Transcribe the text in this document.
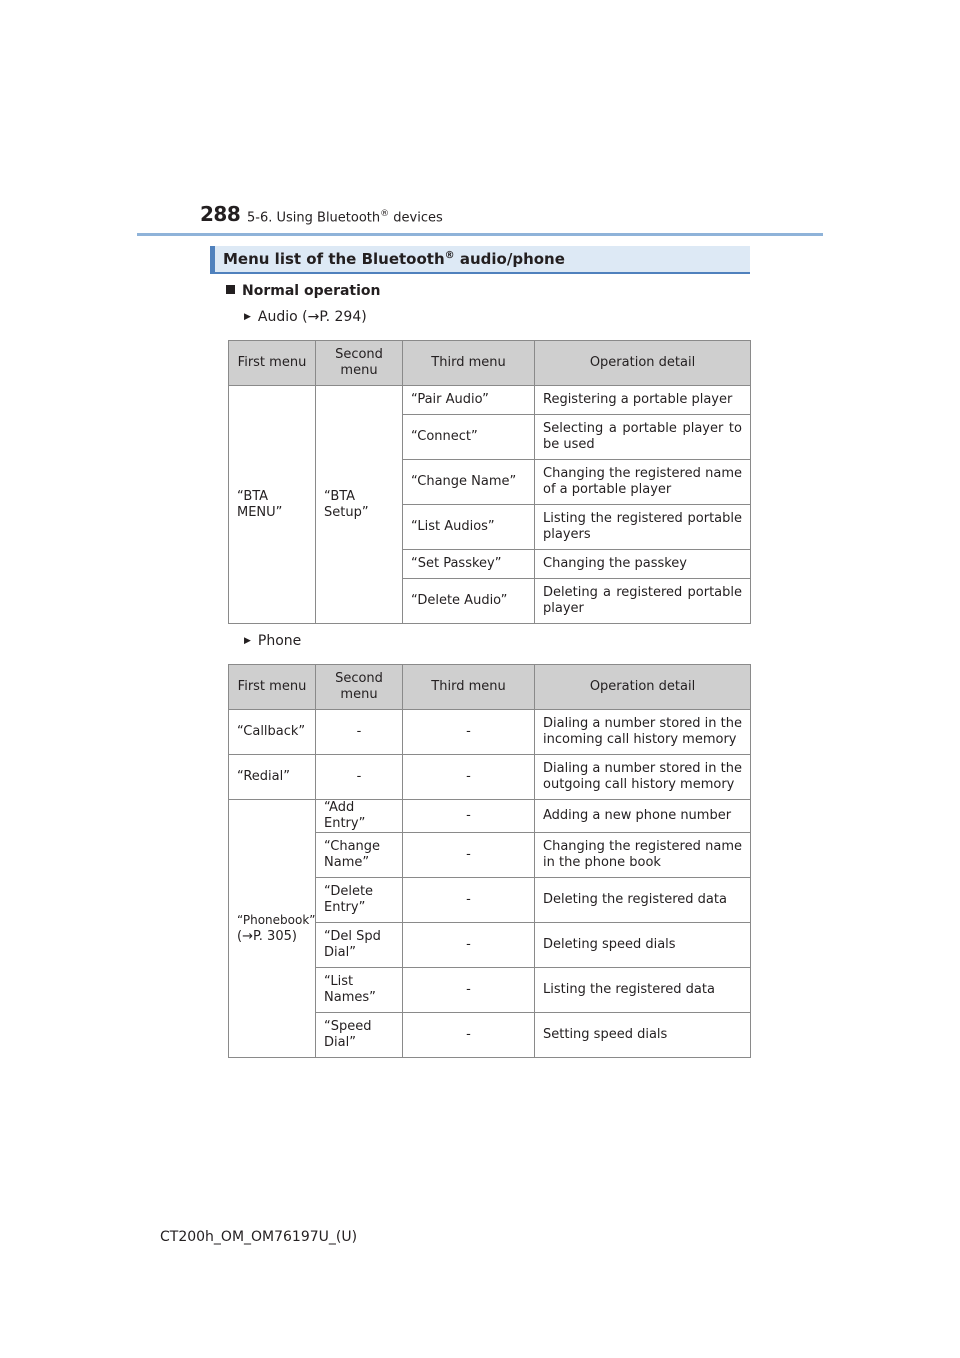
288 5-6. Using Bluetooth® devices
Menu list of the Bluetooth® audio/phone
Normal operation
▶ Audio (→P. 294)
First menu	Second menu	Third menu	Operation detail
“BTA MENU”	“BTA Setup”	“Pair Audio”	Registering a portable player
		“Connect”	Selecting a portable player to be used
		“Change Name”	Changing the registered name of a portable player
		“List Audios”	Listing the registered portable players
		“Set Passkey”	Changing the passkey
		“Delete Audio”	Deleting a registered portable player
▶ Phone
First menu	Second menu	Third menu	Operation detail
“Callback”	-	-	Dialing a number stored in the incoming call history memory
“Redial”	-	-	Dialing a number stored in the outgoing call history memory
“Phonebook”
(→P. 305)	“Add Entry”	-	Adding a new phone number
	“Change Name”	-	Changing the registered name in the phone book
	“Delete Entry”	-	Deleting the registered data
	“Del Spd Dial”	-	Deleting speed dials
	“List Names”	-	Listing the registered data
	“Speed Dial”	-	Setting speed dials
CT200h_OM_OM76197U_(U)
